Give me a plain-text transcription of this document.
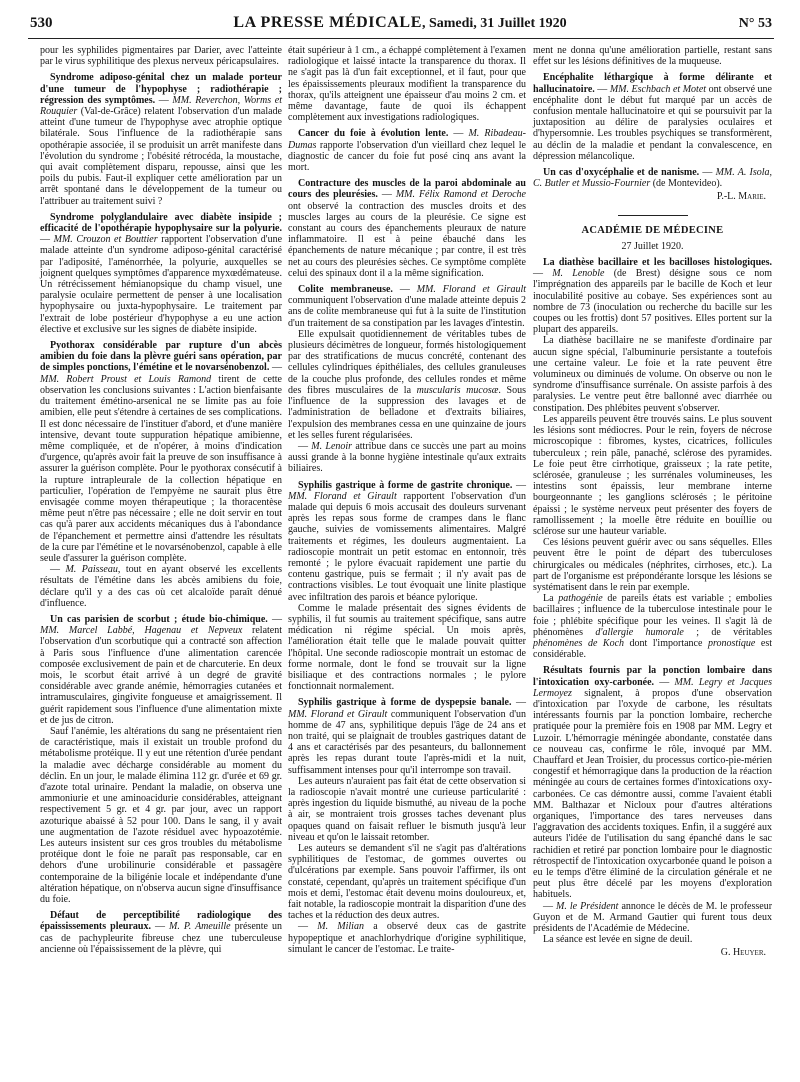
530	LA PRESSE MÉDICALE, Samedi, 31 Juillet 1920	N° 53

pour les syphilides pigmentaires par Darier, avec l'atteinte par le virus syphilitique des plexus nerveux péricapsulaires.

Syndrome adiposo-génital chez un malade porteur d'une tumeur de l'hypophyse ; radiothérapie ; régression des symptômes. — MM. Reverchon, Worms et Rouquier (Val-de-Grâce) relatent l'observation d'un malade atteint d'une tumeur de l'hypophyse avec atrophie optique bilatérale. Sous l'influence de la radiothérapie sans opothérapie associée, il se produisit un arrêt manifeste dans l'évolution du syndrome ; l'obésité rétrocéda, la moustache, qui avait complètement disparu, repousse, ainsi que les poils du pubis. Faut-il expliquer cette amélioration par un arrêt spontané dans le développement de la tumeur ou l'attribuer au traitement suivi ?

Syndrome polyglandulaire avec diabète insipide ; efficacité de l'opothérapie hypophysaire sur la polyurie. — MM. Crouzon et Bouttier rapportent l'observation d'une malade atteinte d'un syndrome adiposo-génital caractérisé par l'adiposité, l'aménorrhée, la polyurie, auxquelles se joignent quelques symptômes d'apparence myxœdémateuse. Un rétrécissement hémianopsique du champ visuel, une paralysie oculaire permettent de penser à une localisation hypophysaire ou juxta-hypophysaire. Le traitement par l'extrait de lobe postérieur d'hypophyse a eu une action élective et exclusive sur les signes de diabète insipide.

Pyothorax considérable par rupture d'un abcès amibien du foie dans la plèvre guéri sans opération, par de simples ponctions, l'émétine et le novarsénobenzol. — MM. Robert Proust et Louis Ramond tirent de cette observation les conclusions suivantes : L'action bienfaisante du traitement émétino-arsenical ne se limite pas au foie amibien, elle peut s'étendre à certaines de ses complications. Il est donc nécessaire de l'instituer d'abord, et d'une manière intensive, devant toute suppuration hépatique amibienne, même compliquée, et de n'opérer, à moins d'indication d'urgence, qu'après avoir fait la preuve de son insuffisance à assurer la guérison complète. Pour le pyothorax consécutif à la rupture intrapleurale de la collection hépatique en particulier, l'opération de l'empyème ne saurait plus être envisagée comme moyen thérapeutique ; la thoracentèse même peut n'être pas nécessaire ; elle ne doit servir en tout cas qu'à parer aux accidents mécaniques dus à l'abondance de l'épanchement et permettre ainsi d'attendre les résultats de la cure par l'émétine et le novarsénobenzol, capable à elle seule d'assurer la guérison complète.

— M. Paisseau, tout en ayant observé les excellents résultats de l'émétine dans les abcès amibiens du foie, déclare qu'il y a des cas où cet alcaloïde paraît dénué d'influence.

Un cas parisien de scorbut ; étude bio-chimique. — MM. Marcel Labbé, Hagenau et Nepveux relatent l'observation d'un scorbutique qui a contracté son affection à Paris sous l'influence d'une alimentation carencée composée exclusivement de pain et de charcuterie. En deux mois, le scorbut était arrivé à un degré de gravité considérable avec grande anémie, hémorragies cutanées et intramusculaires, gingivite fongueuse et amaigrissement. Il guérit rapidement sous l'influence d'une alimentation mixte et de jus de citron.

Sauf l'anémie, les altérations du sang ne présentaient rien de caractéristique, mais il existait un trouble profond du métabolisme protéique. Il y eut une rétention d'urée pendant la maladie avec décharge considérable au moment du déclin. En un jour, le malade élimina 112 gr. d'urée et 69 gr. d'azote total urinaire. Pendant la maladie, on observa une ammoniurie et une aminoacidurie considérables, atteignant respectivement 5 gr. et 4 gr. par jour, avec un rapport azoturique abaissé à 52 pour 100. Dans le sang, il y avait une augmentation de l'azote résiduel avec hypoazotémie. Les auteurs insistent sur ces gros troubles du métabolisme protéique dont le foie ne paraît pas responsable, car en dehors d'une urobilinurie considérable et passagère contemporaine de la biligénie locale et indépendante d'une altération hépatique, on n'observa aucun signe d'insuffisance du foie.

Défaut de perceptibilité radiologique des épaississements pleuraux. — M. P. Ameuille présente un cas de pachypleurite fibreuse chez une tuberculeuse ancienne où l'épaississement de la plèvre, qui

était supérieur à 1 cm., a échappé complètement à l'examen radiologique et laissé intacte la transparence du thorax. Il ne s'agit pas là d'un fait exceptionnel, et il faut, pour que les épaississements pleuraux modifient la transparence du thorax, qu'ils atteignent une épaisseur d'au moins 2 cm. et même davantage, faute de quoi ils échappent complètement aux investigations radiologiques.

Cancer du foie à évolution lente. — M. Ribadeau-Dumas rapporte l'observation d'un vieillard chez lequel le diagnostic de cancer du foie fut posé cinq ans avant la mort.

Contracture des muscles de la paroi abdominale au cours des pleurésies. — MM. Félix Ramond et Deroche ont observé la contraction des muscles droits et des muscles larges au cours de la pleurésie. Ce signe est constant au cours des épanchements pleuraux de nature inflammatoire. Il est à peine ébauché dans les épanchements de nature mécanique ; par contre, il est très net au cours des pleurésies sèches. Ce symptôme complète celui des spinaux dont il a la même signification.

Colite membraneuse. — MM. Florand et Girault communiquent l'observation d'une malade atteinte depuis 2 ans de colite membraneuse qui fut à la suite de l'institution d'un traitement de sa constipation par les lavages d'intestin.

Elle expulsait quotidiennement de véritables tubes de plusieurs décimètres de longueur, formés histologiquement par des stratifications de mucus concrété, contenant des cellules cylindriques épithéliales, des cellules granuleuses de la couche plus profonde, des cellules rondes et même des fibres musculaires de la muscularis mucosæ. Sous l'influence de la suppression des lavages et de l'administration de belladone et d'extraits biliaires, l'expulsion des membranes cessa en une quinzaine de jours et les selles furent régularisées.

— M. Lenoir attribue dans ce succès une part au moins aussi grande à la bonne hygiène intestinale qu'aux extraits biliaires.

Syphilis gastrique à forme de gastrite chronique. — MM. Florand et Girault rapportent l'observation d'un malade qui depuis 6 mois accusait des douleurs survenant après les repas sous forme de crampes dans le flanc gauche, suivies de vomissements alimentaires. Malgré traitements et régimes, les douleurs augmentaient. La radioscopie montrait un petit estomac en entonnoir, très remonté ; le pylore évacuait rapidement une partie du contenu gastrique, puis se fermait ; il n'y avait pas de contractions visibles. Le tout évoquait une linite plastique avec infiltration des parois et béance pylorique.

Comme le malade présentait des signes évidents de syphilis, il fut soumis au traitement spécifique, sans autre médication ni régime spécial. Un mois après, l'amélioration était telle que le malade pouvait quitter l'hôpital. Une seconde radioscopie montrait un estomac de forme normale, dont le fond se trouvait sur la ligne bisiliaque et des contractions normales ; le pylore fonctionnait normalement.

Syphilis gastrique à forme de dyspepsie banale. — MM. Florand et Girault communiquent l'observation d'un homme de 47 ans, syphilitique depuis l'âge de 24 ans et non traité, qui se plaignait de troubles gastriques datant de 4 ans et caractérisés par des pesanteurs, du ballonnement après les repas durant toute l'après-midi et la nuit, suffisamment intenses pour qu'il interrompe son travail.

Les auteurs n'auraient pas fait état de cette observation si la radioscopie n'avait montré une curieuse particularité : après ingestion du liquide bismuthé, au niveau de la poche à air, se montraient trois grosses taches devenant plus opaques quand on faisait refluer le bismuth jusqu'à leur niveau et qu'on le laissait retomber.

Les auteurs se demandent s'il ne s'agit pas d'altérations syphilitiques de l'estomac, de gommes ouvertes ou d'ulcérations par exemple. Sans pouvoir l'affirmer, ils ont constaté, cependant, qu'après un traitement spécifique d'un mois et demi, l'estomac était devenu moins douloureux, et, fait notable, la radioscopie montrait la disparition d'une des taches et la réduction des deux autres.

— M. Milian a observé deux cas de gastrite hypopeptique et anachlorhydrique d'origine syphilitique, simulant le cancer de l'estomac. Le traite-

ment ne donna qu'une amélioration partielle, restant sans effet sur les lésions définitives de la muqueuse.

Encéphalite léthargique à forme délirante et hallucinatoire. — MM. Eschbach et Motet ont observé une encéphalite dont le début fut marqué par un accès de confusion mentale hallucinatoire et qui se poursuivit par la juxtaposition au délire de paralysies oculaires et d'hypersomnie. Les troubles psychiques se transformèrent, au déclin de la maladie et pendant la convalescence, en dépression mélancolique.

Un cas d'oxycéphalie et de nanisme. — MM. A. Isola, C. Butler et Mussio-Fournier (de Montevideo).

P.-L. Marie.
ACADÉMIE DE MÉDECINE
27 Juillet 1920.

La diathèse bacillaire et les bacilloses histologiques. — M. Lenoble (de Brest) désigne sous ce nom l'imprégnation des appareils par le bacille de Koch et leur inoculabilité positive au cobaye. Ses expériences sont au nombre de 73 (inoculation ou recherche du bacille sur les coupes ou les frottis) dont 57 positives. Elles portent sur la plupart des appareils.

La diathèse bacillaire ne se manifeste d'ordinaire par aucun signe spécial, l'albuminurie persistante a toutefois une certaine valeur. Le foie et la rate peuvent être volumineux ou diminués de volume. On observe ou non le syndrome d'insuffisance surrénale. On assiste parfois à des paralysies. Le ventre peut être ballonné avec diarrhée ou constipation. Des phlébites peuvent s'observer.

Les appareils peuvent être trouvés sains. Le plus souvent les lésions sont médiocres. Pour le rein, foyers de nécrose microscopique : fibromes, kystes, cicatrices, follicules tuberculeux ; rein pâle, panaché, sclérose des pyramides. Le foie peut être cirrhotique, graisseux ; la rate petite, sclérosée, granuleuse ; les surrénales volumineuses, les intestins sont épaissis, leur membrane interne bourgeonnante ; les ganglions sclérosés ; le péritoine épaissi ; le système nerveux peut présenter des foyers de ramollissement ; la moelle être réduite en bouillie ou sclérose sur une hauteur variable.

Ces lésions peuvent guérir avec ou sans séquelles. Elles peuvent être le point de départ des tuberculoses chirurgicales ou médicales (néphrites, cirrhoses, etc.). La part de l'organisme est prépondérante lorsque les lésions se systématisent dans le rein par exemple.

La pathogénie de pareils états est variable ; embolies bacillaires ; influence de la tuberculose intestinale pour le foie ; phlébite spécifique pour les veines. Il s'agit là de phénomènes d'allergie humorale ; de véritables phénomènes de Koch dont l'importance pronostique est considérable.

Résultats fournis par la ponction lombaire dans l'intoxication oxy-carbonée. — MM. Legry et Jacques Lermoyez signalent, à propos d'une observation d'intoxication par l'oxyde de carbone, les résultats intéressants fournis par la ponction lombaire, recherche pratiquée pour la première fois en 1908 par MM. Legry et Luzoir. L'hémorragie méningée abondante, constatée dans ce nouveau cas, confirme le rôle, invoqué par MM. Chauffard et Jean Troisier, du processus cortico-pie-mérien congestif et hémorragique dans la production de la réaction méningée au cours de certaines formes d'intoxications oxy-carbonées. Ce cas démontre aussi, comme l'avaient établi MM. Balthazar et Nicloux pour d'autres altérations organiques, l'importance des tares nerveuses dans l'aggravation des accidents toxiques. Enfin, il a suggéré aux auteurs l'idée de l'utilisation du sang épanché dans le sac rachidien et retiré par ponction lombaire pour le diagnostic rétrospectif de l'intoxication oxycarbonée quand le poison a eu le temps d'être éliminé de la circulation générale et ne peut plus être décelé par les moyens d'exploration habituels.

— M. le Président annonce le décès de M. le professeur Guyon et de M. Armand Gautier qui furent tous deux présidents de l'Académie de Médecine.

La séance est levée en signe de deuil.

G. Heuyer.
